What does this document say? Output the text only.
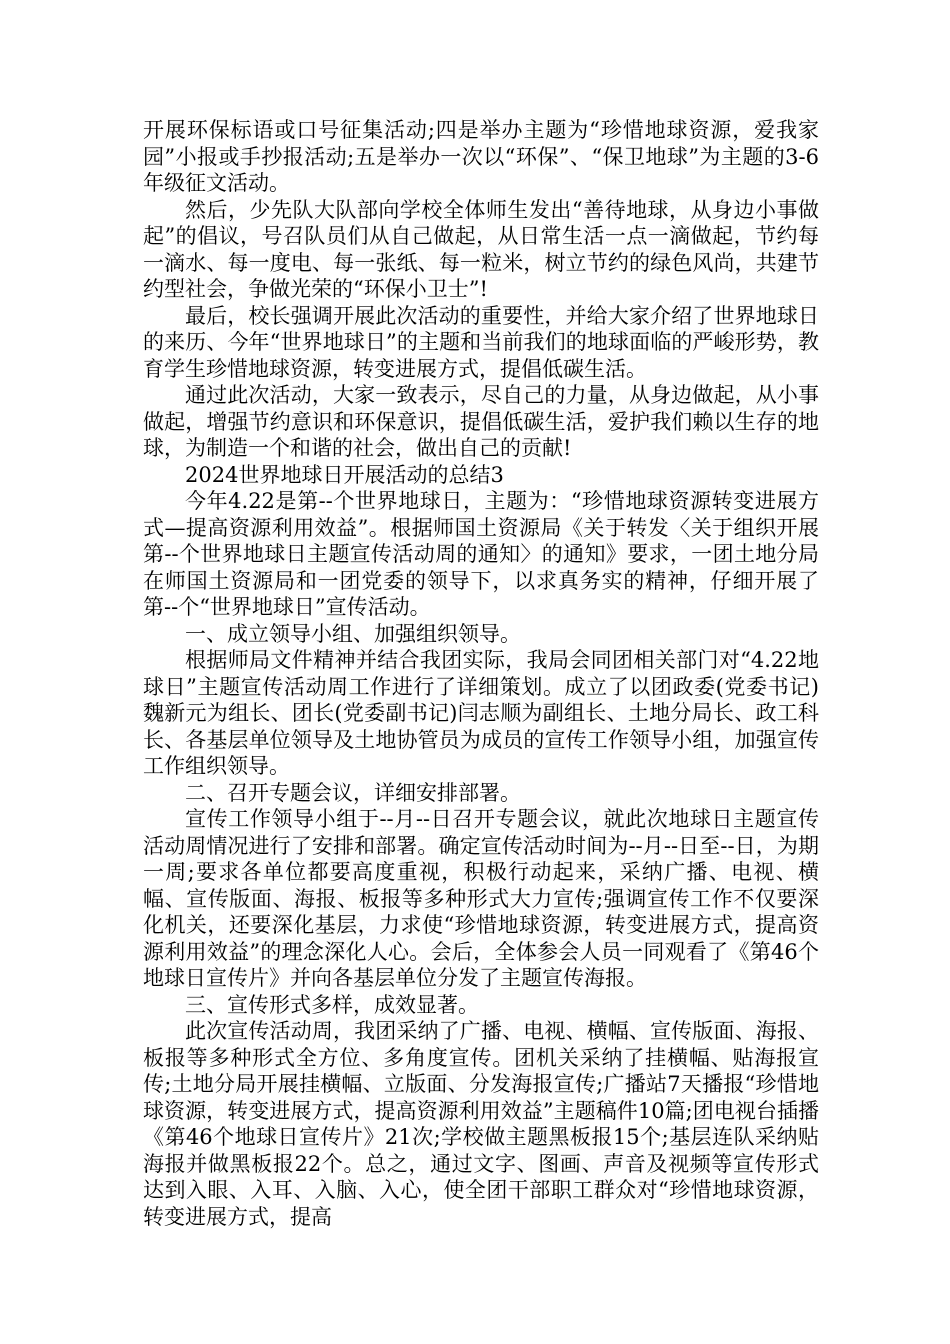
开展环保标语或口号征集活动;四是举办主题为“珍惜地球资源，爱我家园”小报或手抄报活动;五是举办一次以“环保”、“保卫地球”为主题的3-6年级征文活动。

然后，少先队大队部向学校全体师生发出“善待地球，从身边小事做起”的倡议，号召队员们从自己做起，从日常生活一点一滴做起，节约每一滴水、每一度电、每一张纸、每一粒米，树立节约的绿色风尚，共建节约型社会，争做光荣的“环保小卫士”!

最后，校长强调开展此次活动的重要性，并给大家介绍了世界地球日的来历、今年“世界地球日”的主题和当前我们的地球面临的严峻形势，教育学生珍惜地球资源，转变进展方式，提倡低碳生活。

通过此次活动，大家一致表示，尽自己的力量，从身边做起，从小事做起，增强节约意识和环保意识，提倡低碳生活，爱护我们赖以生存的地球，为制造一个和谐的社会，做出自己的贡献!

2024世界地球日开展活动的总结3

今年4.22是第--个世界地球日，主题为：“珍惜地球资源转变进展方式—提高资源利用效益”。根据师国土资源局《关于转发〈关于组织开展第--个世界地球日主题宣传活动周的通知〉的通知》要求，一团土地分局在师国土资源局和一团党委的领导下，以求真务实的精神，仔细开展了第--个“世界地球日”宣传活动。

一、成立领导小组、加强组织领导。

根据师局文件精神并结合我团实际，我局会同团相关部门对“4.22地球日”主题宣传活动周工作进行了详细策划。成立了以团政委(党委书记)魏新元为组长、团长(党委副书记)闫志顺为副组长、土地分局长、政工科长、各基层单位领导及土地协管员为成员的宣传工作领导小组，加强宣传工作组织领导。

二、召开专题会议，详细安排部署。

宣传工作领导小组于--月--日召开专题会议，就此次地球日主题宣传活动周情况进行了安排和部署。确定宣传活动时间为--月--日至--日，为期一周;要求各单位都要高度重视，积极行动起来，采纳广播、电视、横幅、宣传版面、海报、板报等多种形式大力宣传;强调宣传工作不仅要深化机关，还要深化基层，力求使“珍惜地球资源，转变进展方式，提高资源利用效益”的理念深化人心。会后，全体参会人员一同观看了《第46个地球日宣传片》并向各基层单位分发了主题宣传海报。

三、宣传形式多样，成效显著。

此次宣传活动周，我团采纳了广播、电视、横幅、宣传版面、海报、板报等多种形式全方位、多角度宣传。团机关采纳了挂横幅、贴海报宣传;土地分局开展挂横幅、立版面、分发海报宣传;广播站7天播报“珍惜地球资源，转变进展方式，提高资源利用效益”主题稿件10篇;团电视台插播《第46个地球日宣传片》21次;学校做主题黑板报15个;基层连队采纳贴海报并做黑板报22个。总之，通过文字、图画、声音及视频等宣传形式达到入眼、入耳、入脑、入心，使全团干部职工群众对“珍惜地球资源，转变进展方式，提高
